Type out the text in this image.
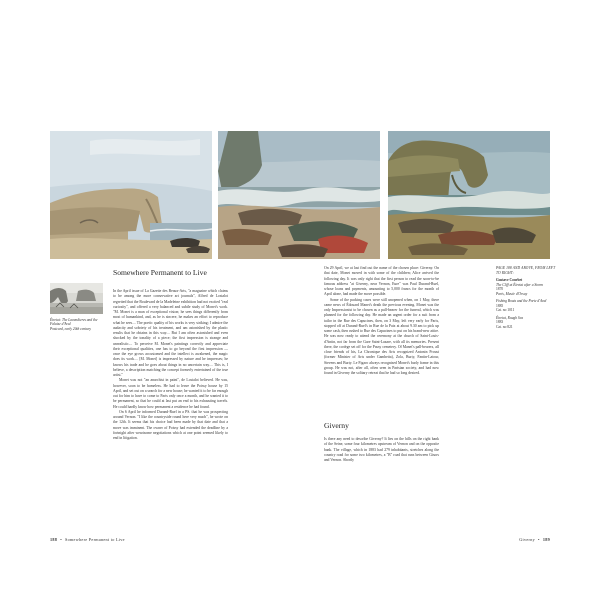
Étretat: The Lavandieres and the Falaise d'Aval
Postcard, early 20th century
Somewhere Permanent to Live

In the April issue of La Gazette des Beaux-Arts, "a magazine which claims to be among the more conservative art journals", Alfred de Lostalot regretted that the Boulevard de la Madeleine exhibition had not excited "real curiosity", and offered a very balanced and subtle study of Monet's work. "M. Monet is a man of exceptional vision; he sees things differently from most of humankind, and, as he is sincere, he makes an effort to reproduce what he sees.... The poetic quality of his works is very striking; I admire the audacity and sobriety of his treatment, and am astonished by the plastic results that he obtains in this way.... But I am often astonished and even shocked by the tonality of a piece; the first impression is strange and unrealistic.... To perceive M. Monet's paintings correctly and appreciate their exceptional qualities, one has to go beyond the first impression — once the eye grows accustomed and the intellect is awakened, the magic does its work.... [M. Monet] is impressed by nature and he impresses; he knows his trade and he goes about things in no uncertain way.... This is, I believe, a description matching the concept formerly entertained of the true artist."

Monet was not "an anarchist in paint", de Lostalot believed. He was, however, soon to be homeless. He had to leave the Poissy house by 15 April, and set out on a search for a new house; he wanted it to be far enough out for him to have to come to Paris only once a month, and he wanted it to be permanent, so that he could at last put an end to his exhausting travels. He could hardly know how permanent a residence he had found.

On 6 April he informed Durand-Ruel in a PS. that he was prospecting around Vernon. "I like the countryside round here very much", he wrote on the 12th. It seems that his choice had been made by that date and that a move was imminent. The owner of Poissy had extended the deadline by a fortnight after wearisome negotiations which at one point seemed likely to end in litigation.

On 29 April, we at last find out the name of the chosen place: Giverny. On that date, Monet moved in with some of the children; Alice arrived the following day. It was only right that the first person to read the soon-to-be famous address "at Giverny, near Vernon, Eure" was Paul Durand-Ruel, whose loans and payments, amounting to 5,000 francs for the month of April alone, had made the move possible.

Some of the packing cases were still unopened when, on 1 May, there came news of Édouard Manet's death the previous evening. Monet was the only Impressionist to be chosen as a pall-bearer for the funeral, which was planned for the following day. He made an urgent order for a suit from a tailor in the Rue des Capucines, then, on 3 May, left very early for Paris, stopped off at Durand-Ruel's in Rue de la Paix at about 9.30 am to pick up some cash, then rushed to Rue des Capucines to put on his brand-new attire. He was now ready to attend the ceremony at the church of Saint-Louis-d'Antin, not far from the Gare Saint-Lazare, with all its memories. Present there, the cortège set off for the Passy cemetery. Of Manet's pall-bearers, all close friends of his, La Chronique des Arts recognized Antonin Proust (former Minister of Arts under Gambetta), Zola, Burty, Fantin-Latour, Stevens and Burty. Le Figaro always recognised Monet's burly frame in this group. He was not, after all, often seen in Parisian society, and had now found in Giverny the solitary retreat that he had so long desired.

Giverny

Is there any need to describe Giverny? It lies on the hills on the right bank of the Seine, some four kilometres upstream of Vernon and on the opposite bank. The village, which in 1883 had 279 inhabitants, stretches along the country road for some two kilometres, a "B" road that runs between Gisors and Vernon. Shortly

PAGE 188 AND ABOVE, FROM LEFT TO RIGHT:
Gustave Courbet
The Cliff at Étretat after a Storm
1870
Paris, Musée d'Orsay
Fishing Boats and the Porte d'Aval
1885
Cat. no 1011
Étretat, Rough Sea
1883
Cat. no 821
188 • Somewhere Permanent to Live	Giverny • 189
